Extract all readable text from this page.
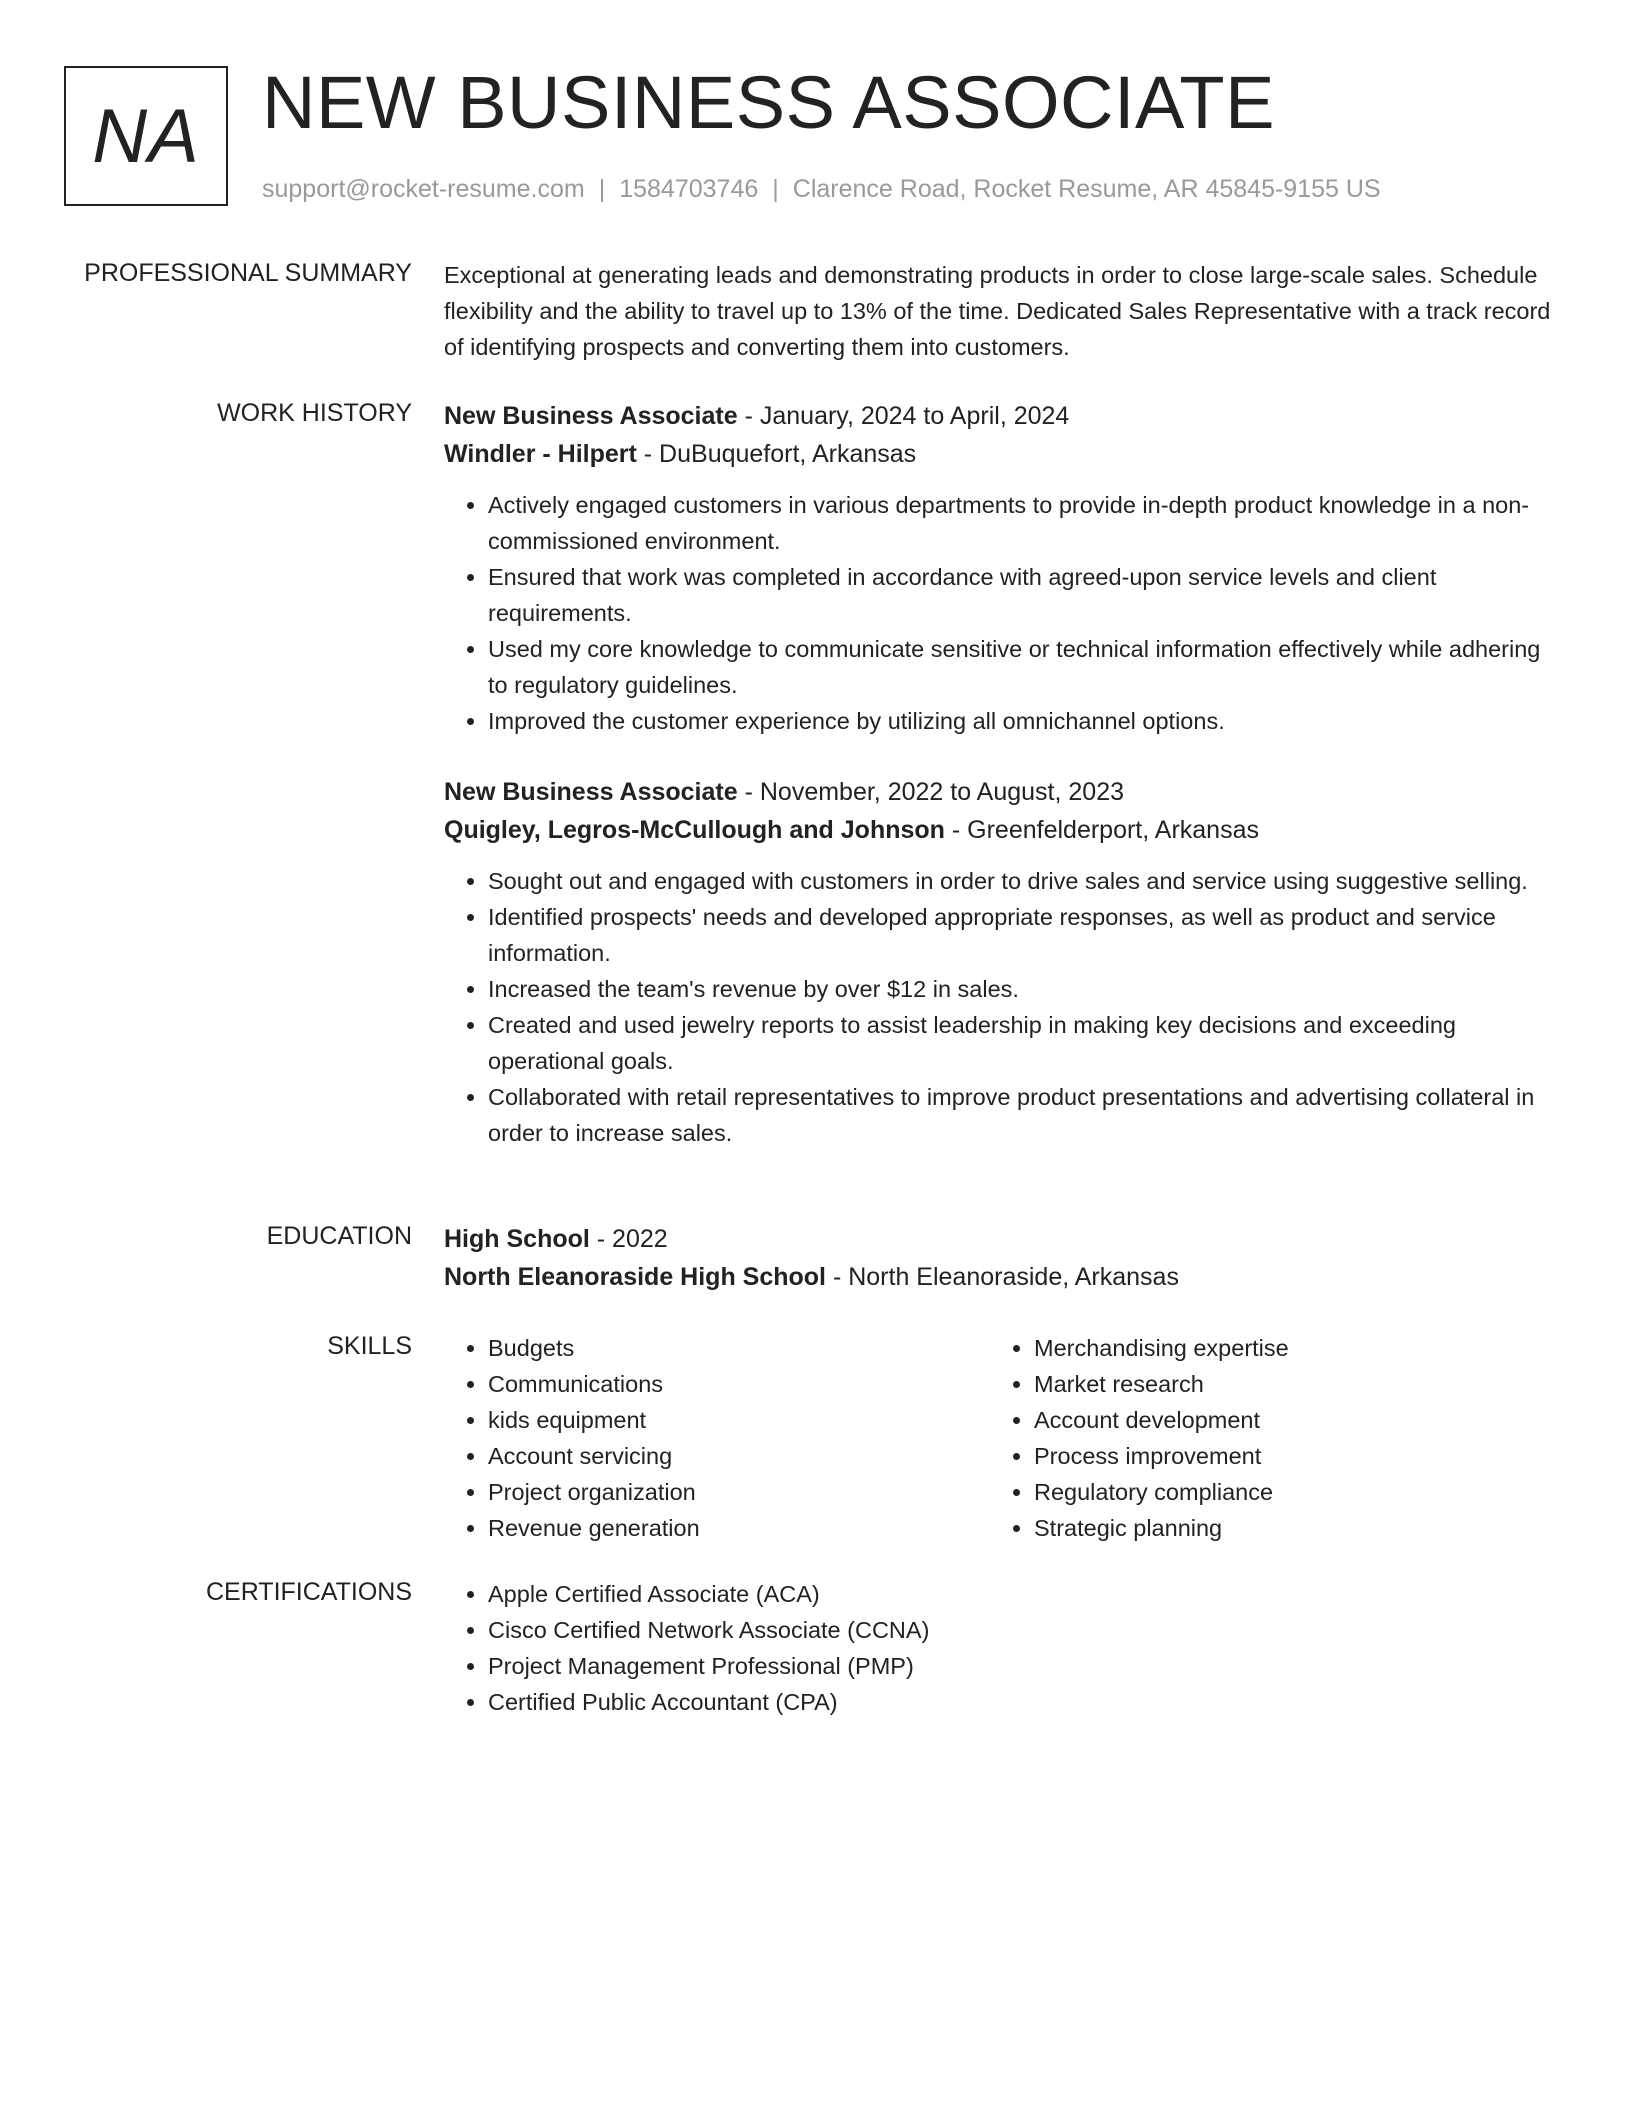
NA NEW BUSINESS ASSOCIATE
support@rocket-resume.com | 1584703746 | Clarence Road, Rocket Resume, AR 45845-9155 US
PROFESSIONAL SUMMARY Exceptional at generating leads and demonstrating products in order to close large-scale sales. Schedule flexibility and the ability to travel up to 13% of the time. Dedicated Sales Representative with a track record of identifying prospects and converting them into customers.

WORK HISTORY New Business Associate - January, 2024 to April, 2024
Windler - Hilpert - DuBuquefort, Arkansas
• Actively engaged customers in various departments to provide in-depth product knowledge in a non-commissioned environment.
• Ensured that work was completed in accordance with agreed-upon service levels and client requirements.
• Used my core knowledge to communicate sensitive or technical information effectively while adhering to regulatory guidelines.
• Improved the customer experience by utilizing all omnichannel options.
New Business Associate - November, 2022 to August, 2023
Quigley, Legros-McCullough and Johnson - Greenfelderport, Arkansas
• Sought out and engaged with customers in order to drive sales and service using suggestive selling.
• Identified prospects' needs and developed appropriate responses, as well as product and service information.
• Increased the team's revenue by over $12 in sales.
• Created and used jewelry reports to assist leadership in making key decisions and exceeding operational goals.
• Collaborated with retail representatives to improve product presentations and advertising collateral in order to increase sales.
EDUCATION High School - 2022
North Eleanoraside High School - North Eleanoraside, Arkansas
SKILLS	• Budgets
• Communications
• kids equipment
• Account servicing
• Project organization
• Revenue generation
• Merchandising expertise
• Market research
• Account development
• Process improvement
• Regulatory compliance
• Strategic planning
CERTIFICATIONS	• Apple Certified Associate (ACA)
• Cisco Certified Network Associate (CCNA)
• Project Management Professional (PMP)
• Certified Public Accountant (CPA)
